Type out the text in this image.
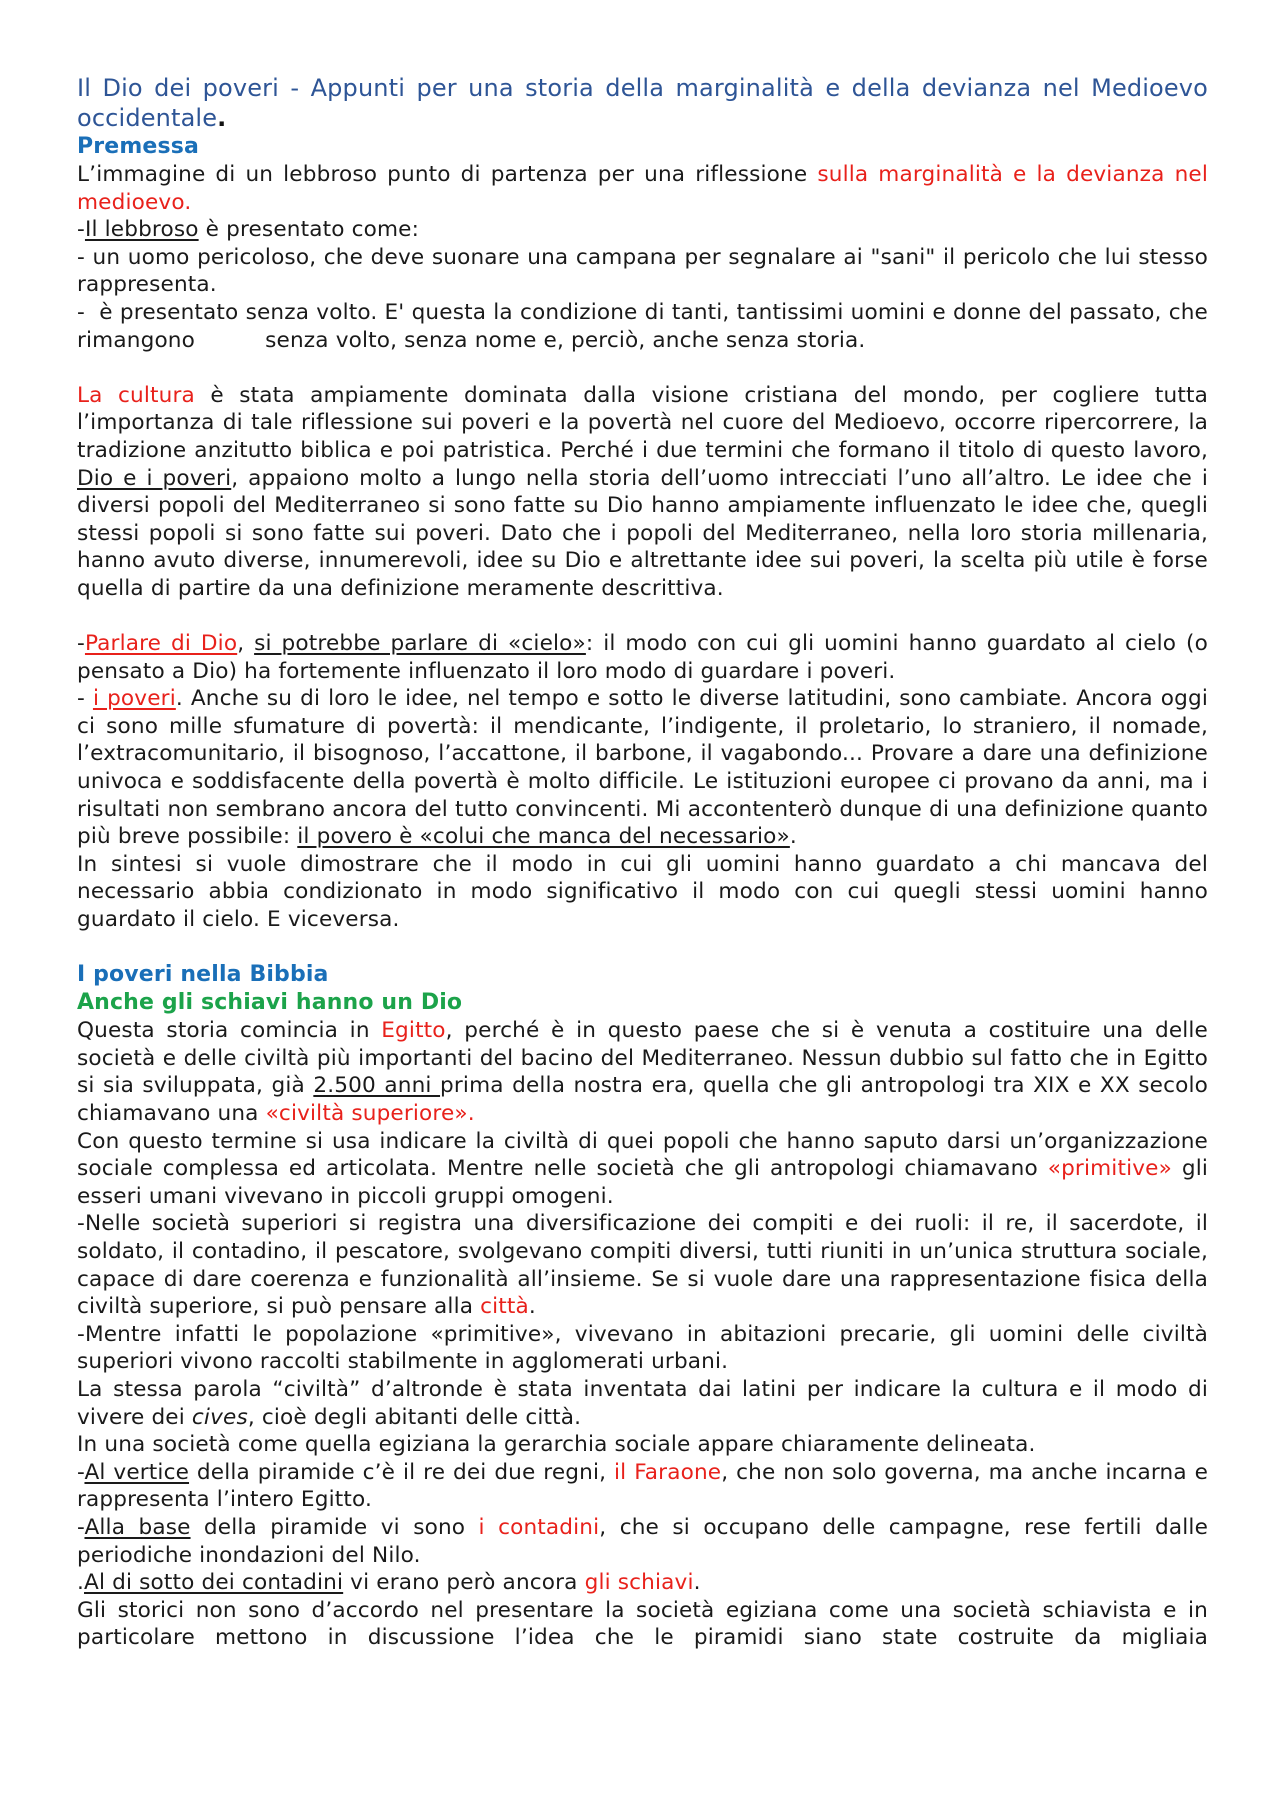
Il Dio dei poveri - Appunti per una storia della marginalità e della devianza nel Medioevo occidentale.

Premessa

L’immagine di un lebbroso punto di partenza per una riflessione sulla marginalità e la devianza nel medioevo.

-Il lebbroso è presentato come:

- un uomo pericoloso, che deve suonare una campana per segnalare ai "sani" il pericolo che lui stesso rappresenta.

-  è presentato senza volto. E' questa la condizione di tanti, tantissimi uomini e donne del passato, che rimangono          senza volto, senza nome e, perciò, anche senza storia.

La cultura è stata ampiamente dominata dalla visione cristiana del mondo, per cogliere tutta l’importanza di tale riflessione sui poveri e la povertà nel cuore del Medioevo, occorre ripercorrere, la tradizione anzitutto biblica e poi patristica. Perché i due termini che formano il titolo di questo lavoro, Dio e i poveri, appaiono molto a lungo nella storia dell’uomo intrecciati l’uno all’altro. Le idee che i diversi popoli del Mediterraneo si sono fatte su Dio hanno ampiamente influenzato le idee che, quegli stessi popoli si sono fatte sui poveri. Dato che i popoli del Mediterraneo, nella loro storia millenaria, hanno avuto diverse, innumerevoli, idee su Dio e altrettante idee sui poveri, la scelta più utile è forse quella di partire da una definizione meramente descrittiva.

-Parlare di Dio, si potrebbe parlare di «cielo»: il modo con cui gli uomini hanno guardato al cielo (o pensato a Dio) ha fortemente influenzato il loro modo di guardare i poveri.

- i poveri. Anche su di loro le idee, nel tempo e sotto le diverse latitudini, sono cambiate. Ancora oggi ci sono mille sfumature di povertà: il mendicante, l’indigente, il proletario, lo straniero, il nomade, l’extracomunitario, il bisognoso, l’accattone, il barbone, il vagabondo... Provare a dare una definizione univoca e soddisfacente della povertà è molto difficile. Le istituzioni europee ci provano da anni, ma i risultati non sembrano ancora del tutto convincenti. Mi accontenterò dunque di una definizione quanto più breve possibile: il povero è «colui che manca del necessario».

In sintesi si vuole dimostrare che il modo in cui gli uomini hanno guardato a chi mancava del necessario abbia condizionato in modo significativo il modo con cui quegli stessi uomini hanno guardato il cielo. E viceversa.

I poveri nella Bibbia
Anche gli schiavi hanno un Dio

Questa storia comincia in Egitto, perché è in questo paese che si è venuta a costituire una delle società e delle civiltà più importanti del bacino del Mediterraneo. Nessun dubbio sul fatto che in Egitto si sia sviluppata, già 2.500 anni prima della nostra era, quella che gli antropologi tra XIX e XX secolo chiamavano una «civiltà superiore».

Con questo termine si usa indicare la civiltà di quei popoli che hanno saputo darsi un’organizzazione sociale complessa ed articolata. Mentre nelle società che gli antropologi chiamavano «primitive» gli esseri umani vivevano in piccoli gruppi omogeni.

-Nelle società superiori si registra una diversificazione dei compiti e dei ruoli: il re, il sacerdote, il soldato, il contadino, il pescatore, svolgevano compiti diversi, tutti riuniti in un’unica struttura sociale, capace di dare coerenza e funzionalità all’insieme. Se si vuole dare una rappresentazione fisica della civiltà superiore, si può pensare alla città.

-Mentre infatti le popolazione «primitive», vivevano in abitazioni precarie, gli uomini delle civiltà superiori vivono raccolti stabilmente in agglomerati urbani.

La stessa parola “civiltà” d’altronde è stata inventata dai latini per indicare la cultura e il modo di vivere dei cives, cioè degli abitanti delle città.

In una società come quella egiziana la gerarchia sociale appare chiaramente delineata.

-Al vertice della piramide c’è il re dei due regni, il Faraone, che non solo governa, ma anche incarna e rappresenta l’intero Egitto.

-Alla base della piramide vi sono i contadini, che si occupano delle campagne, rese fertili dalle periodiche inondazioni del Nilo.

.Al di sotto dei contadini vi erano però ancora gli schiavi.

Gli storici non sono d’accordo nel presentare la società egiziana come una società schiavista e in particolare mettono in discussione l’idea che le piramidi siano state costruite da migliaia
